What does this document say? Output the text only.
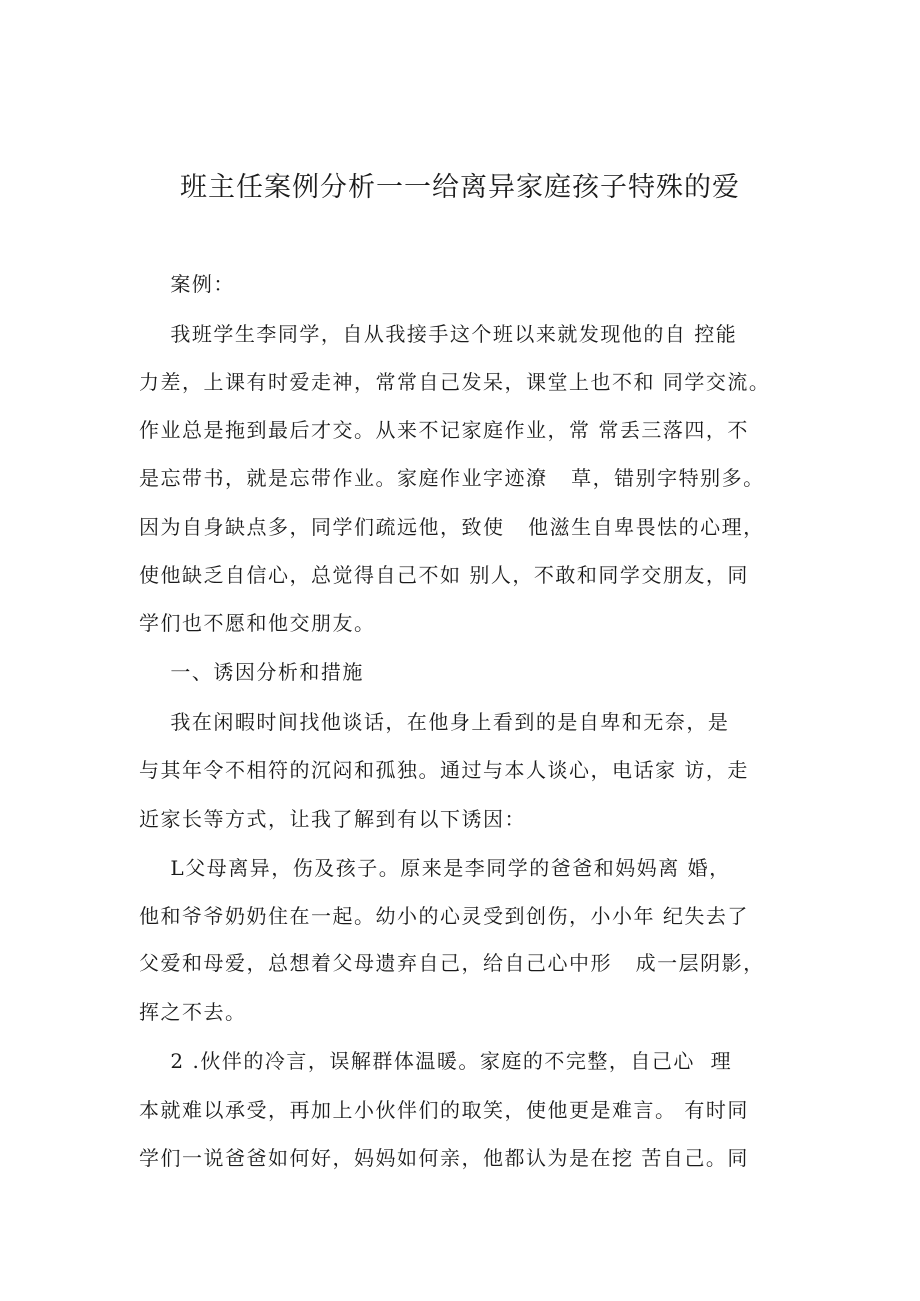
班主任案例分析一一给离异家庭孩子特殊的爱
案例：
我班学生李同学，自从我接手这个班以来就发现他的自 控能
力差，上课有时爱走神，常常自己发呆，课堂上也不和 同学交流。
作业总是拖到最后才交。从来不记家庭作业，常 常丢三落四，不
是忘带书，就是忘带作业。家庭作业字迹潦   草，错别字特别多。
因为自身缺点多，同学们疏远他，致使   他滋生自卑畏怯的心理，
使他缺乏自信心，总觉得自己不如 别人，不敢和同学交朋友，同
学们也不愿和他交朋友。
一、诱因分析和措施
我在闲暇时间找他谈话，在他身上看到的是自卑和无奈，是
与其年令不相符的沉闷和孤独。通过与本人谈心，电话家 访，走
近家长等方式，让我了解到有以下诱因：
L父母离异，伤及孩子。原来是李同学的爸爸和妈妈离 婚，
他和爷爷奶奶住在一起。幼小的心灵受到创伤，小小年 纪失去了
父爱和母爱，总想着父母遗弃自己，给自己心中形   成一层阴影，
挥之不去。
2 .伙伴的冷言，误解群体温暖。家庭的不完整，自己心  理
本就难以承受，再加上小伙伴们的取笑，使他更是难言。 有时同
学们一说爸爸如何好，妈妈如何亲，他都认为是在挖 苦自己。同
